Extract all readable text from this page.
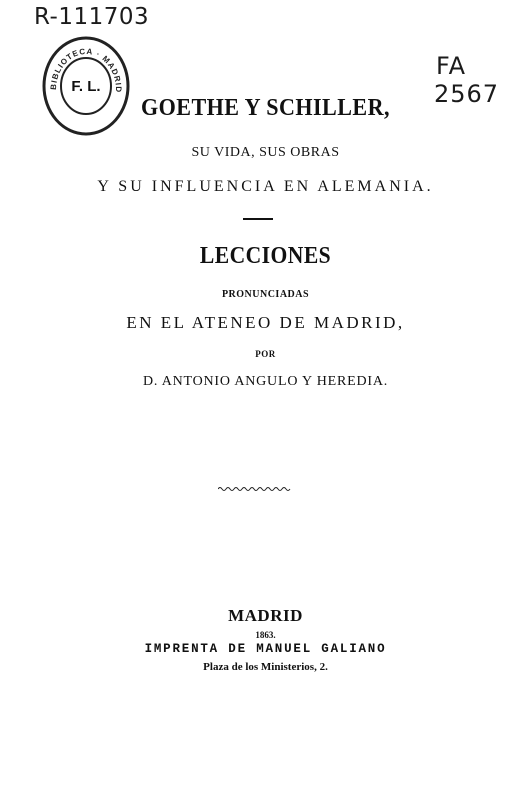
R-111703
FA
2567
BIBLIOTECA · MADRID
F. L.
GOETHE Y SCHILLER,
SU VIDA, SUS OBRAS
Y SU INFLUENCIA EN ALEMANIA.
LECCIONES
PRONUNCIADAS
EN EL ATENEO DE MADRID,
POR
D. ANTONIO ANGULO Y HEREDIA.
MADRID
1863.
IMPRENTA DE MANUEL GALIANO
Plaza de los Ministerios, 2.
